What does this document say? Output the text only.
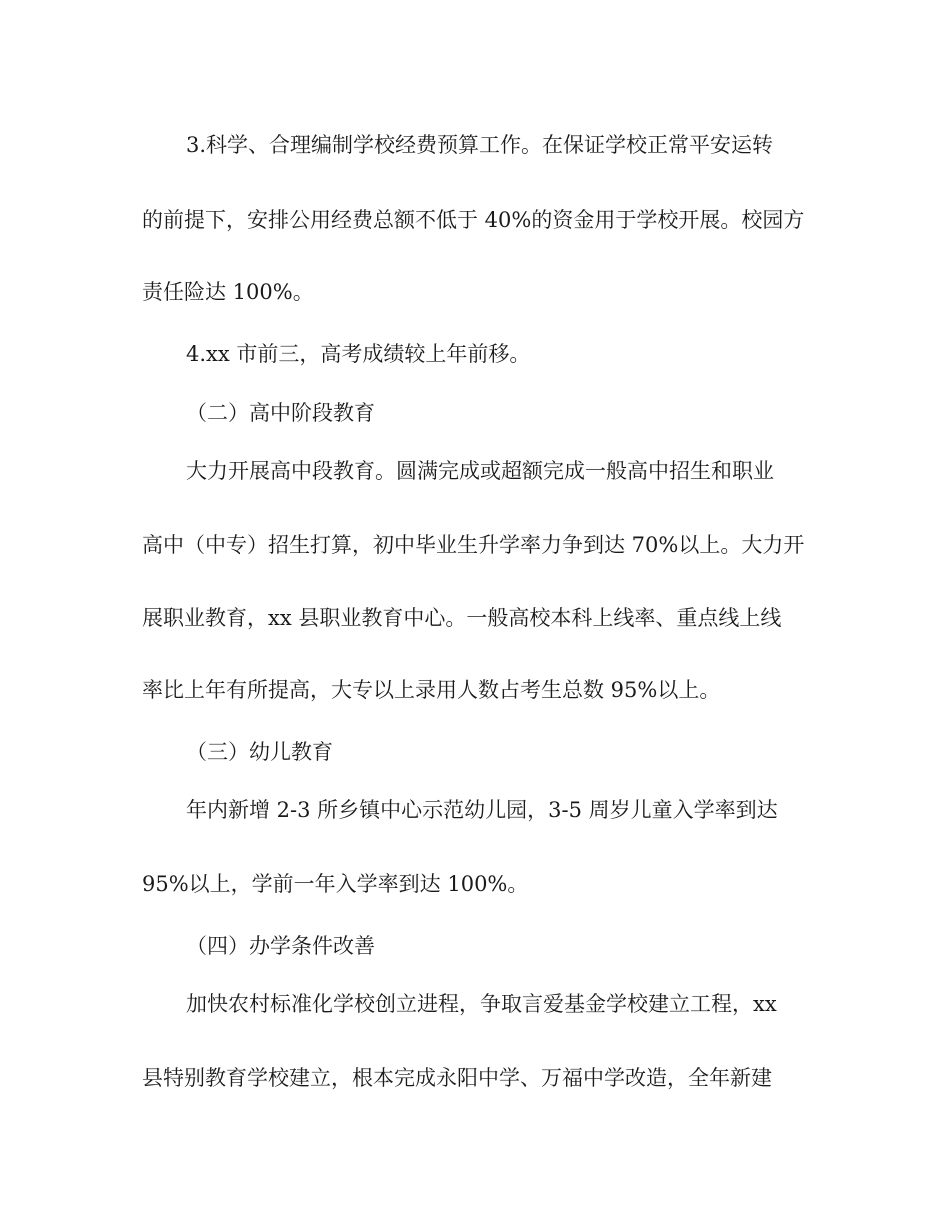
3.科学、合理编制学校经费预算工作。在保证学校正常平安运转

的前提下，安排公用经费总额不低于 40%的资金用于学校开展。校园方

责任险达 100%。

4.xx 市前三，高考成绩较上年前移。

（二）高中阶段教育

大力开展高中段教育。圆满完成或超额完成一般高中招生和职业

高中（中专）招生打算，初中毕业生升学率力争到达 70%以上。大力开

展职业教育，xx 县职业教育中心。一般高校本科上线率、重点线上线

率比上年有所提高，大专以上录用人数占考生总数 95%以上。

（三）幼儿教育

年内新增 2-3 所乡镇中心示范幼儿园，3-5 周岁儿童入学率到达

95%以上，学前一年入学率到达 100%。

（四）办学条件改善

加快农村标准化学校创立进程，争取言爱基金学校建立工程，xx

县特别教育学校建立，根本完成永阳中学、万福中学改造，全年新建
